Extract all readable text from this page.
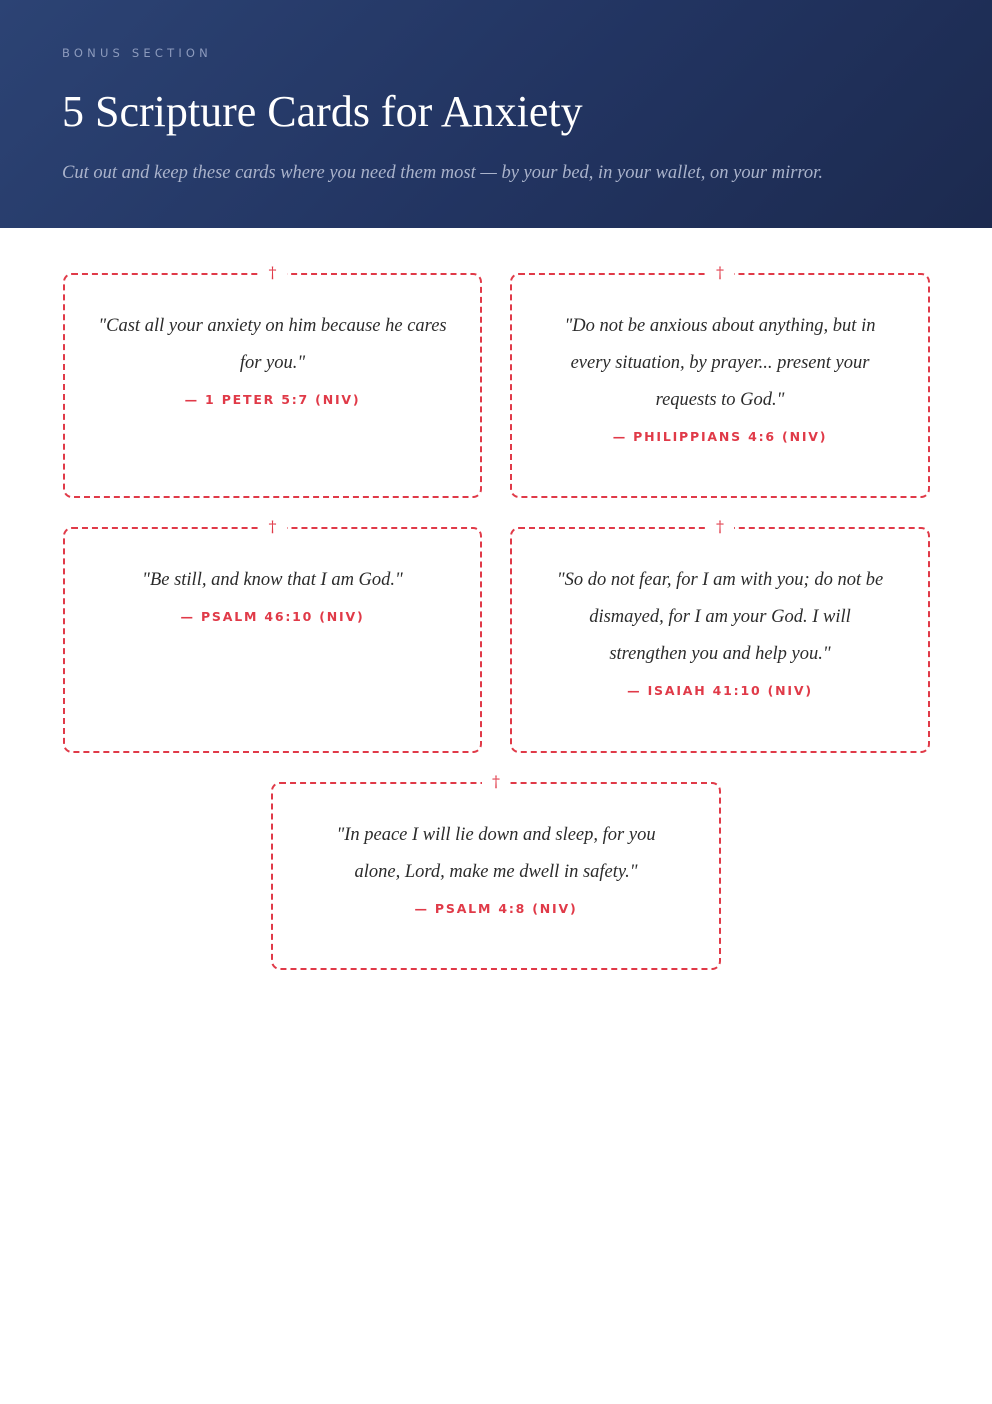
BONUS SECTION
5 Scripture Cards for Anxiety
Cut out and keep these cards where you need them most — by your bed, in your wallet, on your mirror.
†
"Cast all your anxiety on him because he cares for you."
— 1 PETER 5:7 (NIV)
†
"Do not be anxious about anything, but in every situation, by prayer... present your requests to God."
— PHILIPPIANS 4:6 (NIV)
†
"Be still, and know that I am God."
— PSALM 46:10 (NIV)
†
"So do not fear, for I am with you; do not be dismayed, for I am your God. I will strengthen you and help you."
— ISAIAH 41:10 (NIV)
†
"In peace I will lie down and sleep, for you alone, Lord, make me dwell in safety."
— PSALM 4:8 (NIV)
